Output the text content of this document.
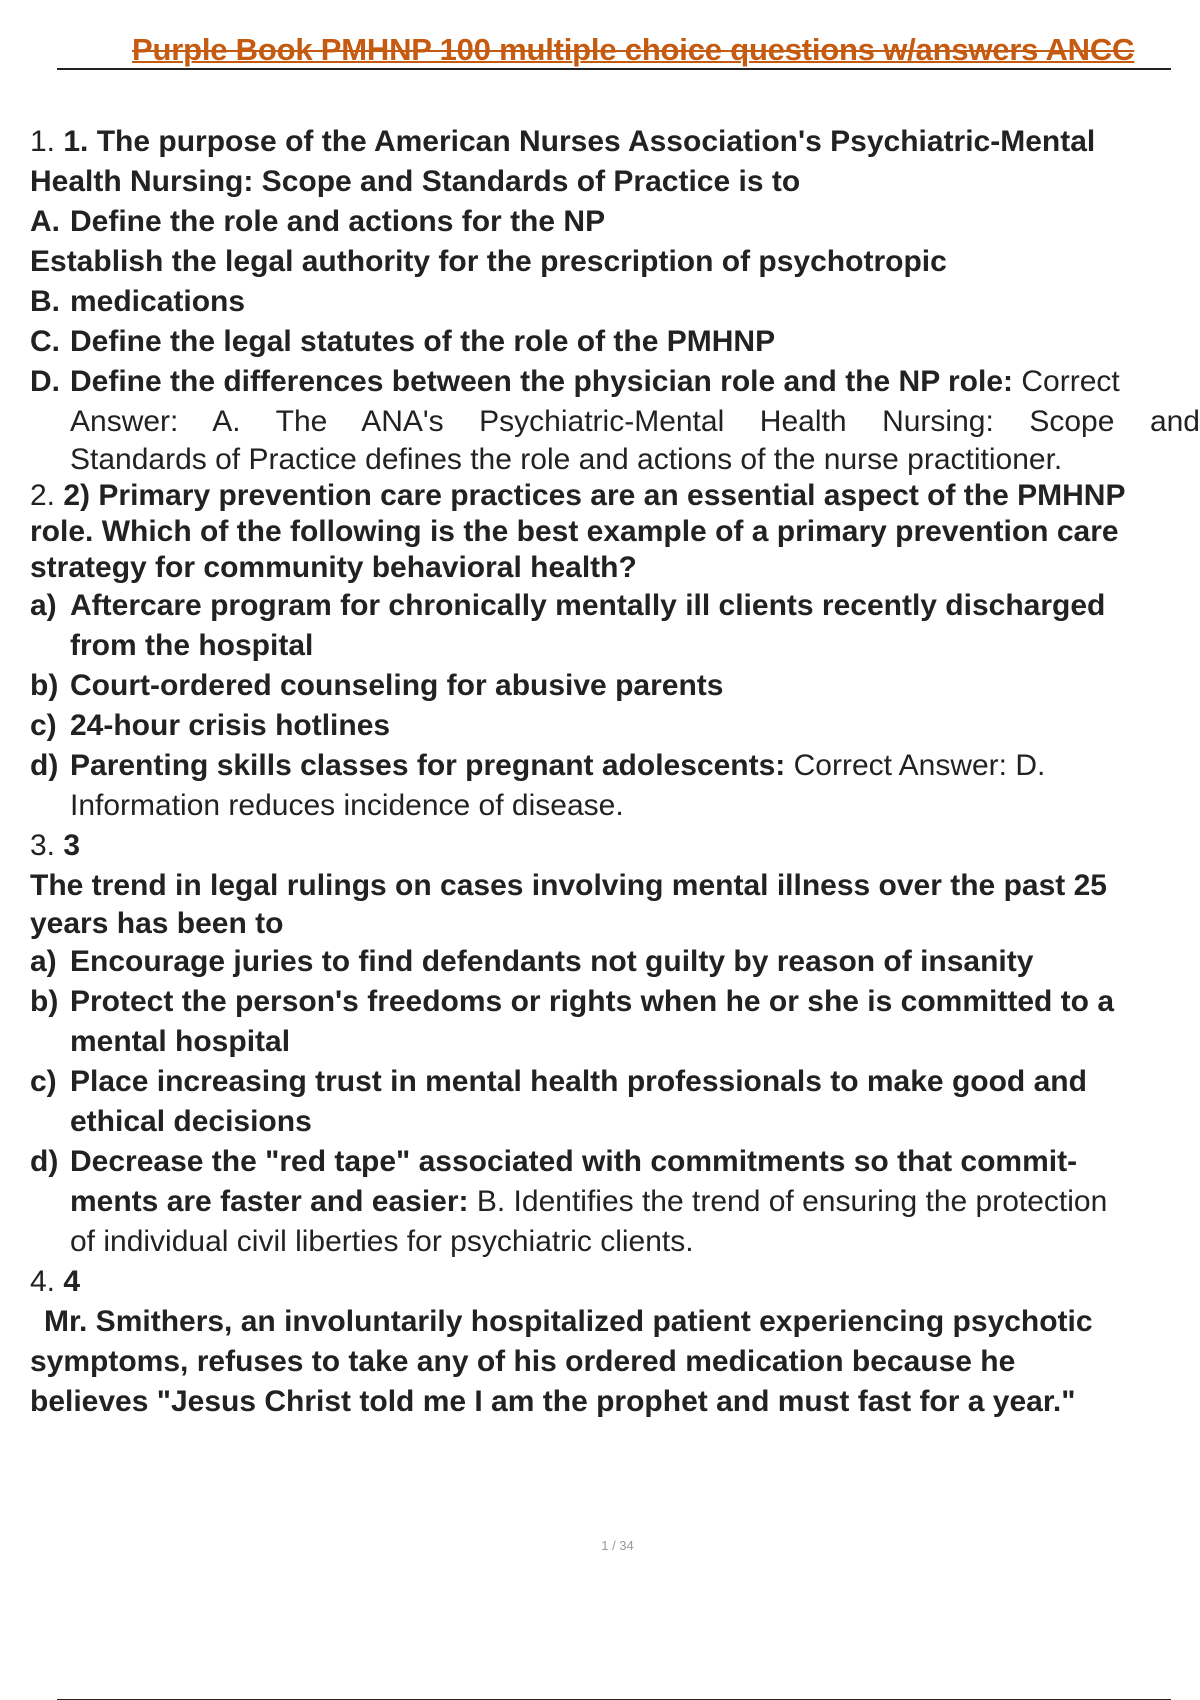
Purple Book PMHNP 100 multiple choice questions w/answers ANCC
1. 1. The purpose of the American Nurses Association's Psychiatric-Mental
Health Nursing: Scope and Standards of Practice is to
A. Define the role and actions for the NP
Establish the legal authority for the prescription of psychotropic
B. medications
C. Define the legal statutes of the role of the PMHNP
D. Define the differences between the physician role and the NP role: Correct
Answer: A. The ANA's Psychiatric-Mental Health Nursing: Scope and
Standards of Practice defines the role and actions of the nurse practitioner.
2. 2) Primary prevention care practices are an essential aspect of the PMHNP
role. Which of the following is the best example of a primary prevention care
strategy for community behavioral health?
a) Aftercare program for chronically mentally ill clients recently discharged
from the hospital
b) Court-ordered counseling for abusive parents
c) 24-hour crisis hotlines
d) Parenting skills classes for pregnant adolescents: Correct Answer: D.
Information reduces incidence of disease.
3. 3
The trend in legal rulings on cases involving mental illness over the past 25
years has been to
a) Encourage juries to find defendants not guilty by reason of insanity
b) Protect the person's freedoms or rights when he or she is committed to a
mental hospital
c) Place increasing trust in mental health professionals to make good and
ethical decisions
d) Decrease the "red tape" associated with commitments so that commit-
ments are faster and easier: B. Identifies the trend of ensuring the protection
of individual civil liberties for psychiatric clients.
4. 4
Mr. Smithers, an involuntarily hospitalized patient experiencing psychotic
symptoms, refuses to take any of his ordered medication because he
believes "Jesus Christ told me I am the prophet and must fast for a year."
1 / 34
